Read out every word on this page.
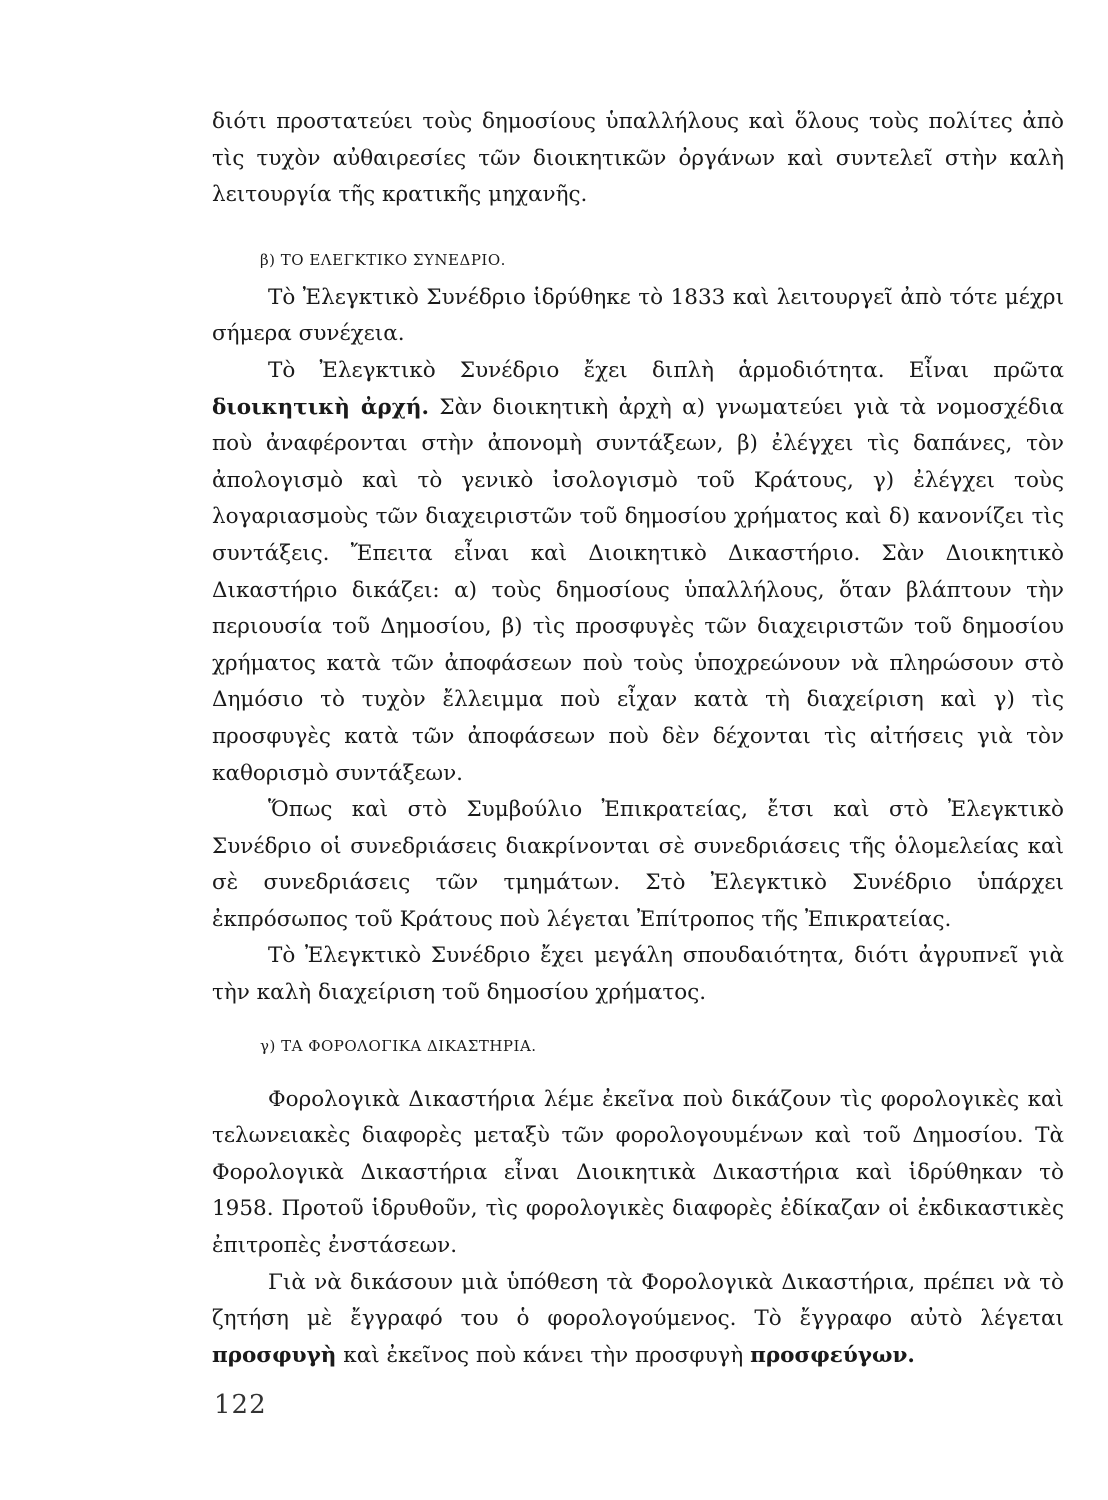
διότι προστατεύει τοὺς δημοσίους ὑπαλλήλους καὶ ὅλους τοὺς πολίτες ἀπὸ τὶς τυχὸν αὐθαιρεσίες τῶν διοικητικῶν ὀργάνων καὶ συντελεῖ στὴν καλὴ λειτουργία τῆς κρατικῆς μηχανῆς.

β) ΤΟ ΕΛΕΓΚΤΙΚΟ ΣΥΝΕΔΡΙΟ.

Τὸ Ἐλεγκτικὸ Συνέδριο ἱδρύθηκε τὸ 1833 καὶ λειτουργεῖ ἀπὸ τότε μέχρι σήμερα συνέχεια.

Τὸ Ἐλεγκτικὸ Συνέδριο ἔχει διπλὴ ἁρμοδιότητα. Εἶναι πρῶτα διοικητικὴ ἀρχή. Σὰν διοικητικὴ ἀρχὴ α) γνωματεύει γιὰ τὰ νομοσχέδια ποὺ ἀναφέρονται στὴν ἀπονομὴ συντάξεων, β) ἐλέγχει τὶς δαπάνες, τὸν ἀπολογισμὸ καὶ τὸ γενικὸ ἰσολογισμὸ τοῦ Κράτους, γ) ἐλέγχει τοὺς λογαριασμοὺς τῶν διαχειριστῶν τοῦ δημοσίου χρήματος καὶ δ) κανονίζει τὶς συντάξεις. Ἔπειτα εἶναι καὶ Διοικητικὸ Δικαστήριο. Σὰν Διοικητικὸ Δικαστήριο δικάζει: α) τοὺς δημοσίους ὑπαλλήλους, ὅταν βλάπτουν τὴν περιουσία τοῦ Δημοσίου, β) τὶς προσφυγὲς τῶν διαχειριστῶν τοῦ δημοσίου χρήματος κατὰ τῶν ἀποφάσεων ποὺ τοὺς ὑποχρεώνουν νὰ πληρώσουν στὸ Δημόσιο τὸ τυχὸν ἔλλειμμα ποὺ εἶχαν κατὰ τὴ διαχείριση καὶ γ) τὶς προσφυγὲς κατὰ τῶν ἀποφάσεων ποὺ δὲν δέχονται τὶς αἰτήσεις γιὰ τὸν καθορισμὸ συντάξεων.

Ὅπως καὶ στὸ Συμβούλιο Ἐπικρατείας, ἔτσι καὶ στὸ Ἐλεγκτικὸ Συνέδριο οἱ συνεδριάσεις διακρίνονται σὲ συνεδριάσεις τῆς ὁλομελείας καὶ σὲ συνεδριάσεις τῶν τμημάτων. Στὸ Ἐλεγκτικὸ Συνέδριο ὑπάρχει ἐκπρόσωπος τοῦ Κράτους ποὺ λέγεται Ἐπίτροπος τῆς Ἐπικρατείας.

Τὸ Ἐλεγκτικὸ Συνέδριο ἔχει μεγάλη σπουδαιότητα, διότι ἀγρυπνεῖ γιὰ τὴν καλὴ διαχείριση τοῦ δημοσίου χρήματος.

γ) ΤΑ ΦΟΡΟΛΟΓΙΚΑ ΔΙΚΑΣΤΗΡΙΑ.

Φορολογικὰ Δικαστήρια λέμε ἐκεῖνα ποὺ δικάζουν τὶς φορολογικὲς καὶ τελωνειακὲς διαφορὲς μεταξὺ τῶν φορολογουμένων καὶ τοῦ Δημοσίου. Τὰ Φορολογικὰ Δικαστήρια εἶναι Διοικητικὰ Δικαστήρια καὶ ἱδρύθηκαν τὸ 1958. Προτοῦ ἱδρυθοῦν, τὶς φορολογικὲς διαφορὲς ἐδίκαζαν οἱ ἐκδικαστικὲς ἐπιτροπὲς ἐνστάσεων.

Γιὰ νὰ δικάσουν μιὰ ὑπόθεση τὰ Φορολογικὰ Δικαστήρια, πρέπει νὰ τὸ ζητήση μὲ ἔγγραφό του ὁ φορολογούμενος. Τὸ ἔγγραφο αὐτὸ λέγεται προσφυγὴ καὶ ἐκεῖνος ποὺ κάνει τὴν προσφυγὴ προσφεύγων.

122
